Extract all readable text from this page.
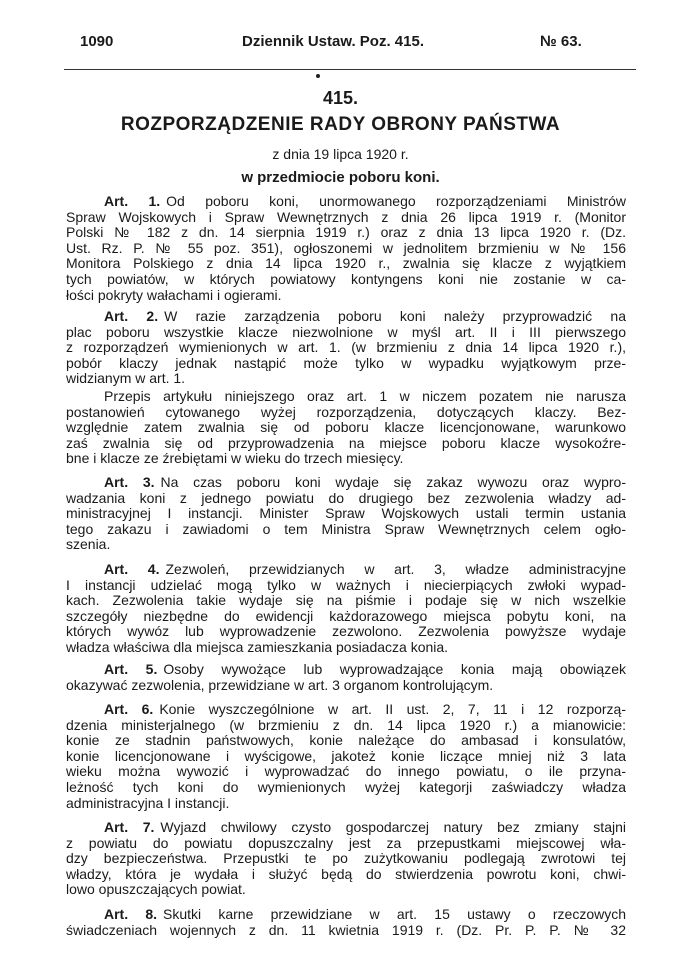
1090	Dziennik Ustaw. Poz. 415.	№ 63.
415.
ROZPORZĄDZENIE RADY OBRONY PAŃSTWA
z dnia 19 lipca 1920 r.
w przedmiocie poboru koni.
Art. 1. Od poboru koni, unormowanego rozporządzeniami Ministrów
Spraw Wojskowych i Spraw Wewnętrznych z dnia 26 lipca 1919 r. (Monitor
Polski № 182 z dn. 14 sierpnia 1919 r.) oraz z dnia 13 lipca 1920 r. (Dz.
Ust. Rz. P. № 55 poz. 351), ogłoszonemi w jednolitem brzmieniu w № 156
Monitora Polskiego z dnia 14 lipca 1920 r., zwalnia się klacze z wyjątkiem
tych powiatów, w których powiatowy kontyngens koni nie zostanie w ca-
łości pokryty wałachami i ogierami.
Art. 2. W razie zarządzenia poboru koni należy przyprowadzić na
plac poboru wszystkie klacze niezwolnione w myśl art. II i III pierwszego
z rozporządzeń wymienionych w art. 1. (w brzmieniu z dnia 14 lipca 1920 r.),
pobór klaczy jednak nastąpić może tylko w wypadku wyjątkowym prze-
widzianym w art. 1.
Przepis artykułu niniejszego oraz art. 1 w niczem pozatem nie narusza
postanowień cytowanego wyżej rozporządzenia, dotyczących klaczy. Bez-
względnie zatem zwalnia się od poboru klacze licencjonowane, warunkowo
zaś zwalnia się od przyprowadzenia na miejsce poboru klacze wysokoźre-
bne i klacze ze źrebiętami w wieku do trzech miesięcy.
Art. 3. Na czas poboru koni wydaje się zakaz wywozu oraz wypro-
wadzania koni z jednego powiatu do drugiego bez zezwolenia władzy ad-
ministracyjnej I instancji. Minister Spraw Wojskowych ustali termin ustania
tego zakazu i zawiadomi o tem Ministra Spraw Wewnętrznych celem ogło-
szenia.
Art. 4. Zezwoleń, przewidzianych w art. 3, władze administracyjne
I instancji udzielać mogą tylko w ważnych i niecierpiących zwłoki wypad-
kach. Zezwolenia takie wydaje się na piśmie i podaje się w nich wszelkie
szczegóły niezbędne do ewidencji każdorazowego miejsca pobytu koni, na
których wywóz lub wyprowadzenie zezwolono. Zezwolenia powyższe wydaje
władza właściwa dla miejsca zamieszkania posiadacza konia.
Art. 5. Osoby wywożące lub wyprowadzające konia mają obowiązek
okazywać zezwolenia, przewidziane w art. 3 organom kontrolującym.
Art. 6. Konie wyszczególnione w art. II ust. 2, 7, 11 i 12 rozporzą-
dzenia ministerjalnego (w brzmieniu z dn. 14 lipca 1920 r.) a mianowicie:
konie ze stadnin państwowych, konie należące do ambasad i konsulatów,
konie licencjonowane i wyścigowe, jakoteż konie liczące mniej niż 3 lata
wieku można wywozić i wyprowadzać do innego powiatu, o ile przyna-
leżność tych koni do wymienionych wyżej kategorji zaświadczy władza
administracyjna I instancji.
Art. 7. Wyjazd chwilowy czysto gospodarczej natury bez zmiany stajni
z powiatu do powiatu dopuszczalny jest za przepustkami miejscowej wła-
dzy bezpieczeństwa. Przepustki te po zużytkowaniu podlegają zwrotowi tej
władzy, która je wydała i służyć będą do stwierdzenia powrotu koni, chwi-
lowo opuszczających powiat.
Art. 8. Skutki karne przewidziane w art. 15 ustawy o rzeczowych
świadczeniach wojennych z dn. 11 kwietnia 1919 r. (Dz. Pr. P. P. № 32
